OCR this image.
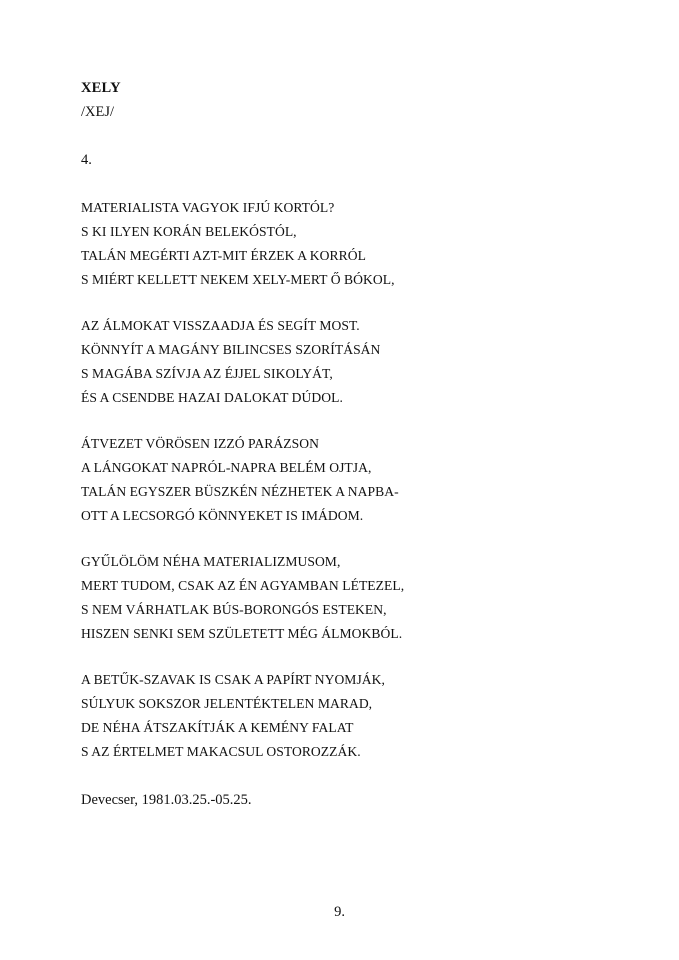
XELY
/XEJ/
4.
MATERIALISTA VAGYOK IFJÚ KORTÓL?
S KI ILYEN KORÁN BELEKÓSTÓL,
TALÁN MEGÉRTI AZT-MIT ÉRZEK A KORRÓL
S MIÉRT KELLETT NEKEM XELY-MERT Ő BÓKOL,
AZ ÁLMOKAT VISSZAADJA ÉS SEGÍT MOST.
KÖNNYÍT A MAGÁNY BILINCSES SZORÍTÁSÁN
S MAGÁBA SZÍVJA AZ ÉJJEL SIKOLYÁT,
ÉS A CSENDBE HAZAI DALOKAT DÚDOL.
ÁTVEZET VÖRÖSEN IZZÓ PARÁZSON
A LÁNGOKAT NAPRÓL-NAPRA BELÉM OJTJA,
TALÁN EGYSZER BÜSZKÉN NÉZHETEK A NAPBA-
OTT A LECSORGÓ KÖNNYEKET IS IMÁDOM.
GYŰLÖLÖM NÉHA MATERIALIZMUSOM,
MERT TUDOM, CSAK AZ ÉN AGYAMBAN LÉTEZEL,
S NEM VÁRHATLAK BÚS-BORONGÓS ESTEKEN,
HISZEN SENKI SEM SZÜLETETT MÉG ÁLMOKBÓL.
A BETŰK-SZAVAK IS CSAK A PAPÍRT NYOMJÁK,
SÚLYUK SOKSZOR JELENTÉKTELEN MARAD,
DE NÉHA ÁTSZAKÍTJÁK A KEMÉNY FALAT
S AZ ÉRTELMET MAKACSUL OSTOROZZÁK.
Devecser, 1981.03.25.-05.25.
9.
